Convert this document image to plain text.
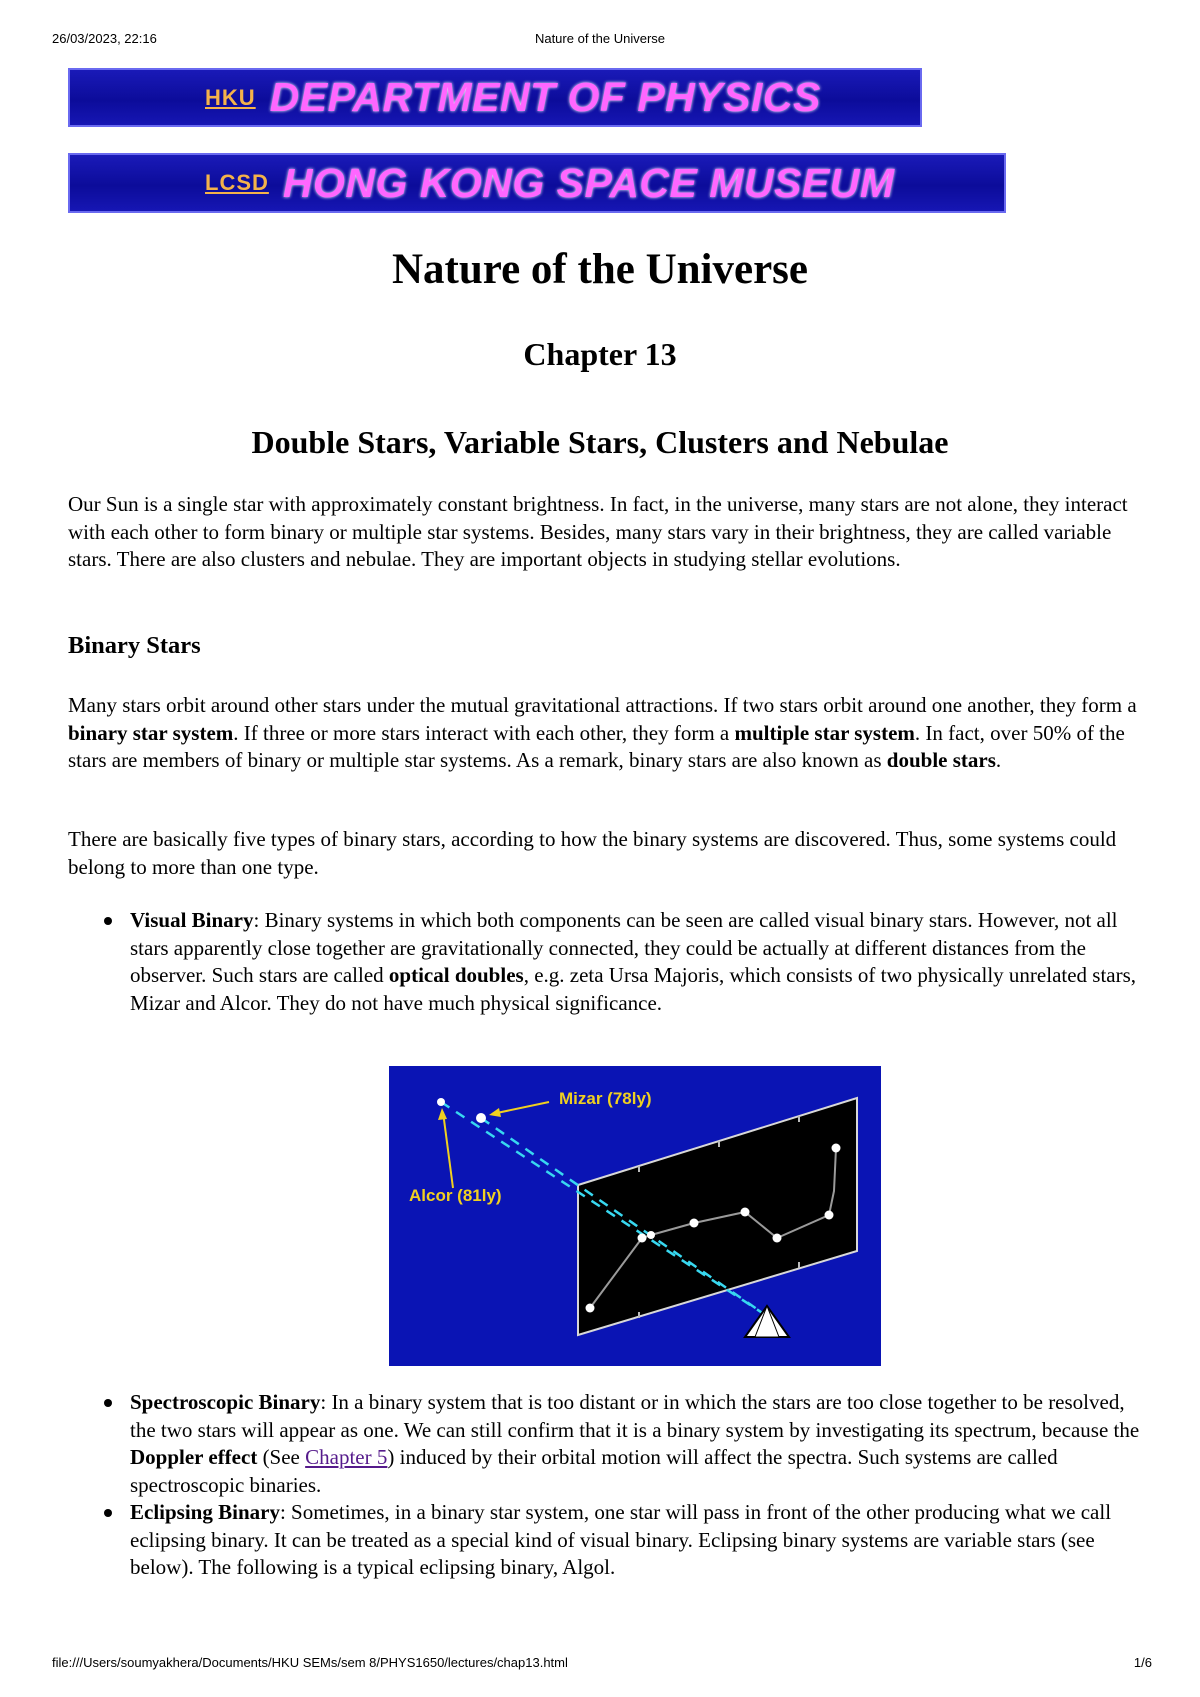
26/03/2023, 22:16	Nature of the Universe
HKU DEPARTMENT OF PHYSICS
LCSD HONG KONG SPACE MUSEUM
Nature of the Universe
Chapter 13
Double Stars, Variable Stars, Clusters and Nebulae

Our Sun is a single star with approximately constant brightness. In fact, in the universe, many stars are not alone, they interact with each other to form binary or multiple star systems. Besides, many stars vary in their brightness, they are called variable stars. There are also clusters and nebulae. They are important objects in studying stellar evolutions.

Binary Stars

Many stars orbit around other stars under the mutual gravitational attractions. If two stars orbit around one another, they form a binary star system. If three or more stars interact with each other, they form a multiple star system. In fact, over 50% of the stars are members of binary or multiple star systems. As a remark, binary stars are also known as double stars.

There are basically five types of binary stars, according to how the binary systems are discovered. Thus, some systems could belong to more than one type.

Visual Binary: Binary systems in which both components can be seen are called visual binary stars. However, not all stars apparently close together are gravitationally connected, they could be actually at different distances from the observer. Such stars are called optical doubles, e.g. zeta Ursa Majoris, which consists of two physically unrelated stars, Mizar and Alcor. They do not have much physical significance.
Mizar (78ly)
Alcor (81ly)
Spectroscopic Binary: In a binary system that is too distant or in which the stars are too close together to be resolved, the two stars will appear as one. We can still confirm that it is a binary system by investigating its spectrum, because the Doppler effect (See Chapter 5) induced by their orbital motion will affect the spectra. Such systems are called spectroscopic binaries.
Eclipsing Binary: Sometimes, in a binary star system, one star will pass in front of the other producing what we call eclipsing binary. It can be treated as a special kind of visual binary. Eclipsing binary systems are variable stars (see below). The following is a typical eclipsing binary, Algol.
file:///Users/soumyakhera/Documents/HKU SEMs/sem 8/PHYS1650/lectures/chap13.html	1/6
